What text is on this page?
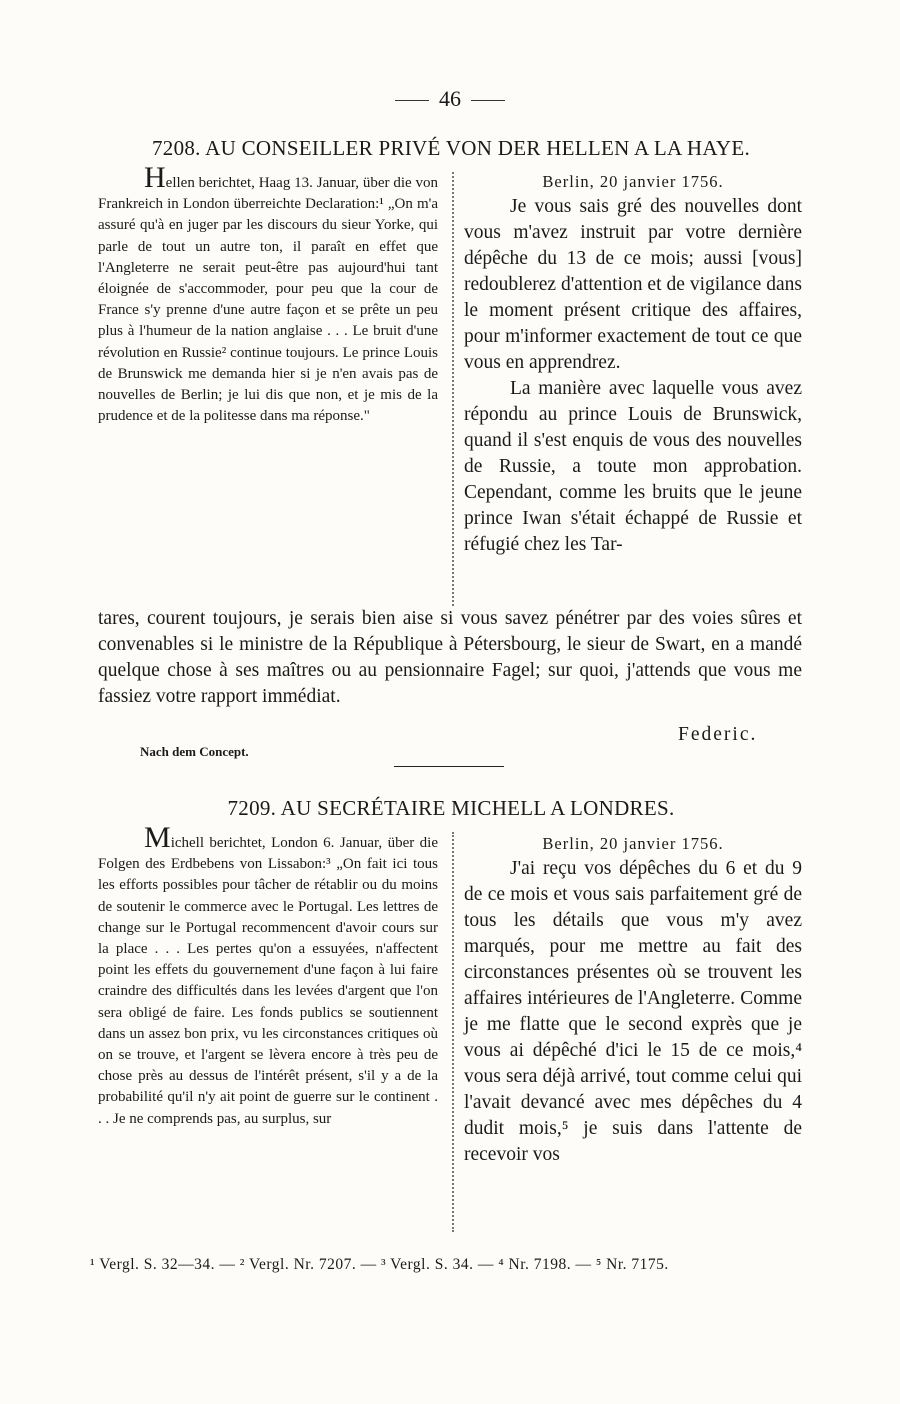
46
7208. AU CONSEILLER PRIVÉ VON DER HELLEN A LA HAYE.
Hellen berichtet, Haag 13. Januar, über die von Frankreich in London überreichte Declaration:¹ „On m'a assuré qu'à en juger par les discours du sieur Yorke, qui parle de tout un autre ton, il paraît en effet que l'Angleterre ne serait peut-être pas aujourd'hui tant éloignée de s'accommoder, pour peu que la cour de France s'y prenne d'une autre façon et se prête un peu plus à l'humeur de la nation anglaise . . . Le bruit d'une révolution en Russie² continue toujours. Le prince Louis de Brunswick me demanda hier si je n'en avais pas de nouvelles de Berlin; je lui dis que non, et je mis de la prudence et de la politesse dans ma réponse."
Berlin, 20 janvier 1756.

Je vous sais gré des nouvelles dont vous m'avez instruit par votre dernière dépêche du 13 de ce mois; aussi [vous] redoublerez d'attention et de vigilance dans le moment présent critique des affaires, pour m'informer exactement de tout ce que vous en apprendrez.

La manière avec laquelle vous avez répondu au prince Louis de Brunswick, quand il s'est enquis de vous des nouvelles de Russie, a toute mon approbation. Cependant, comme les bruits que le jeune prince Iwan s'était échappé de Russie et réfugié chez les Tar-

tares, courent toujours, je serais bien aise si vous savez pénétrer par des voies sûres et convenables si le ministre de la République à Pétersbourg, le sieur de Swart, en a mandé quelque chose à ses maîtres ou au pensionnaire Fagel; sur quoi, j'attends que vous me fassiez votre rapport immédiat.
Federic.
Nach dem Concept.
7209. AU SECRÉTAIRE MICHELL A LONDRES.
Michell berichtet, London 6. Januar, über die Folgen des Erdbebens von Lissabon:³ „On fait ici tous les efforts possibles pour tâcher de rétablir ou du moins de soutenir le commerce avec le Portugal. Les lettres de change sur le Portugal recommencent d'avoir cours sur la place . . . Les pertes qu'on a essuyées, n'affectent point les effets du gouvernement d'une façon à lui faire craindre des difficultés dans les levées d'argent que l'on sera obligé de faire. Les fonds publics se soutiennent dans un assez bon prix, vu les circonstances critiques où on se trouve, et l'argent se lèvera encore à très peu de chose près au dessus de l'intérêt présent, s'il y a de la probabilité qu'il n'y ait point de guerre sur le continent . . . Je ne comprends pas, au surplus, sur
Berlin, 20 janvier 1756.

J'ai reçu vos dépêches du 6 et du 9 de ce mois et vous sais parfaitement gré de tous les détails que vous m'y avez marqués, pour me mettre au fait des circonstances présentes où se trouvent les affaires intérieures de l'Angleterre. Comme je me flatte que le second exprès que je vous ai dépêché d'ici le 15 de ce mois,⁴ vous sera déjà arrivé, tout comme celui qui l'avait devancé avec mes dépêches du 4 dudit mois,⁵ je suis dans l'attente de recevoir vos

¹ Vergl. S. 32—34. — ² Vergl. Nr. 7207. — ³ Vergl. S. 34. — ⁴ Nr. 7198. — ⁵ Nr. 7175.
